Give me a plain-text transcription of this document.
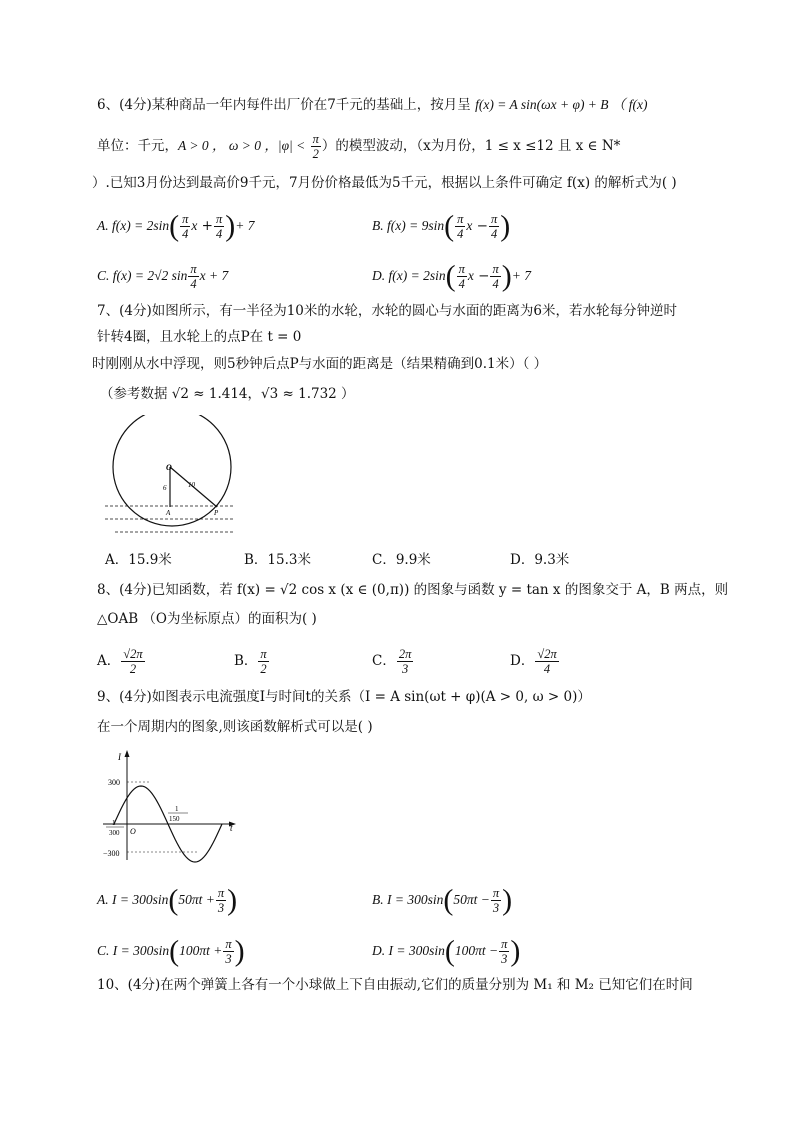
6、(4分)某种商品一年内每件出厂价在7千元的基础上，按月呈 f(x) = A sin(ωx + φ) + B （ f(x)
单位：千元，A > 0 ， ω > 0 ，$|\varphi| < \frac{\pi}{2}$ ）的模型波动，（x为月份，1 ≤ x ≤12 且 x ∈ N*
）.已知3月份达到最高价9千元，7月份价格最低为5千元，根据以上条件可确定 f(x) 的解析式为( )
A. $f(x) = 2\sin( \frac{\pi}{4}$ $x + \frac{\pi}{4}$ )+ 7	B. $f(x) = 9\sin( \frac{\pi}{4}$ $x - \frac{\pi}{4}$ )
C. f(x) = 2√2 $\sin \frac{\pi}{4}$ x + 7	D. $f(x) = 2\sin( \frac{\pi}{4}$ $x - \frac{\pi}{4}$ )+ 7
7、(4分)如图所示，有一半径为10米的水轮，水轮的圆心与水面的距离为6米，若水轮每分钟逆时
针转4圈，且水轮上的点P在 t = 0
时刚刚从水中浮现，则5秒钟后点P与水面的距离是（结果精确到0.1米）（ ）
（参考数据 √2 ≈ 1.414，√3 ≈ 1.732 ）
O
6	10
A	P
A．15.9米	B．15.3米	C．9.9米	D．9.3米
8、(4分)已知函数，若 f(x) = √2 cos x (x ∈ (0,π)) 的图象与函数 y = tan x 的图象交于 A，B 两点，则
△OAB （O为坐标原点）的面积为( )
A． $\frac{√2\pi}{2}$	B． $\frac{\pi}{2}$	C． $\frac{2\pi}{3}$	D． $\frac{√2\pi}{4}$
9、(4分)如图表示电流强度I与时间t的关系（I = A sin(ωt + φ)(A > 0, ω > 0)）
在一个周期内的图象,则该函数解析式可以是( )
I
t
O
300
−300
1
300
1
150
A. $I = 300\sin(50\pi t + \frac{\pi}{3}$ )	B. $I = 300\sin(50\pi t - \frac{\pi}{3}$ )
C. $I = 300\sin(100\pi t + \frac{\pi}{3}$ )	D. $I = 300\sin(100\pi t - \frac{\pi}{3}$ )
10、(4分)在两个弹簧上各有一个小球做上下自由振动,它们的质量分别为 M₁ 和 M₂ 已知它们在时间
